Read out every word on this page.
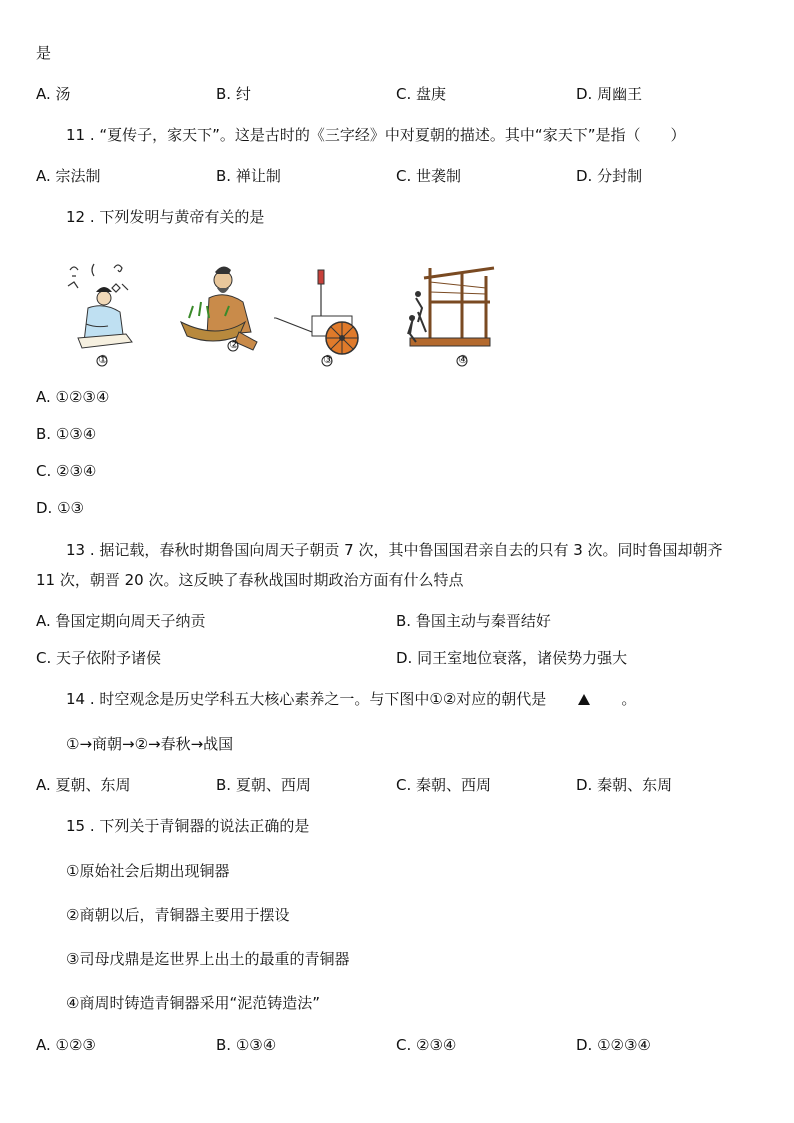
是
A. 汤	B. 纣	C. 盘庚	D. 周幽王
11 . “夏传子，家天下”。这是古时的《三字经》中对夏朝的描述。其中“家天下”是指（　　）
A. 宗法制	B. 禅让制	C. 世袭制	D. 分封制
12 . 下列发明与黄帝有关的是
①
②
③	④
A. ①②③④
B. ①③④
C. ②③④
D. ①③
13 . 据记载，春秋时期鲁国向周天子朝贡 7 次，其中鲁国国君亲自去的只有 3 次。同时鲁国却朝齐
11 次，朝晋 20 次。这反映了春秋战国时期政治方面有什么特点
A. 鲁国定期向周天子纳贡	B. 鲁国主动与秦晋结好
C. 天子依附予诸侯	D. 同王室地位衰落，诸侯势力强大
14 . 时空观念是历史学科五大核心素养之一。与下图中①②对应的朝代是	。
①→商朝→②→春秋→战国
A. 夏朝、东周	B. 夏朝、西周	C. 秦朝、西周	D. 秦朝、东周
15 . 下列关于青铜器的说法正确的是
①原始社会后期出现铜器
②商朝以后，青铜器主要用于摆设
③司母戊鼎是迄世界上出土的最重的青铜器
④商周时铸造青铜器采用“泥范铸造法”
A. ①②③	B. ①③④	C. ②③④	D. ①②③④
